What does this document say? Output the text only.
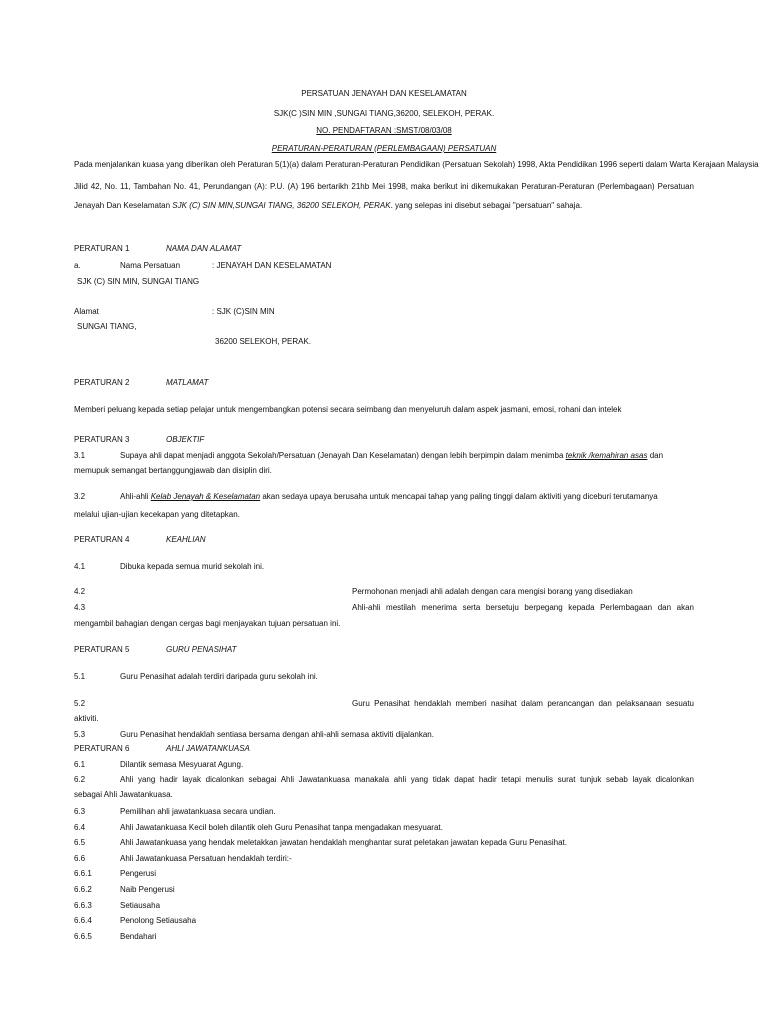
PERSATUAN JENAYAH DAN KESELAMATAN
SJK(C )SIN MIN ,SUNGAI TIANG,36200, SELEKOH, PERAK.
NO. PENDAFTARAN :SMST/08/03/08
PERATURAN-PERATURAN (PERLEMBAGAAN) PERSATUAN
Pada menjalankan kuasa yang diberikan oleh Peraturan 5(1)(a) dalam Peraturan-Peraturan Pendidikan (Persatuan Sekolah) 1998, Akta Pendidikan 1996 seperti dalam Warta Kerajaan Malaysia
Jilid 42, No. 11, Tambahan No. 41, Perundangan (A): P.U. (A) 196 bertarikh 21hb Mei 1998, maka berikut ini dikemukakan Peraturan-Peraturan (Perlembagaan) Persatuan
Jenayah Dan Keselamatan SJK (C) SIN MIN,SUNGAI TIANG, 36200 SELEKOH, PERAK. yang selepas ini disebut sebagai "persatuan" sahaja.
PERATURAN 1	NAMA DAN ALAMAT
a.	Nama Persatuan	: JENAYAH DAN KESELAMATAN
SJK (C) SIN MIN, SUNGAI TIANG
Alamat	: SJK (C)SIN MIN
SUNGAI TIANG,
36200 SELEKOH, PERAK.
PERATURAN 2	MATLAMAT
Memberi peluang kepada setiap pelajar untuk mengembangkan potensi secara seimbang dan menyeluruh dalam aspek jasmani, emosi, rohani dan intelek
PERATURAN 3	OBJEKTIF
3.1	Supaya ahli dapat menjadi anggota Sekolah/Persatuan (Jenayah Dan Keselamatan) dengan lebih berpimpin dalam menimba teknik /kemahiran asas dan
memupuk semangat bertanggungjawab dan disiplin diri.
3.2	Ahli-ahli Kelab Jenayah & Keselamatan akan sedaya upaya berusaha untuk mencapai tahap yang paling tinggi dalam aktiviti yang diceburi terutamanya
melalui ujian-ujian kecekapan yang ditetapkan.
PERATURAN 4	KEAHLIAN
4.1	Dibuka kepada semua murid sekolah ini.
4.2	Permohonan menjadi ahli adalah dengan cara mengisi borang yang disediakan
4.3	Ahli-ahli mestilah menerima serta bersetuju berpegang kepada Perlembagaan dan akan
mengambil bahagian dengan cergas bagi menjayakan tujuan persatuan ini.
PERATURAN 5	GURU PENASIHAT
5.1	Guru Penasihat adalah terdiri daripada guru sekolah ini.
5.2	Guru Penasihat hendaklah memberi nasihat dalam perancangan dan pelaksanaan sesuatu
aktiviti.
5.3	Guru Penasihat hendaklah sentiasa bersama dengan ahli-ahli semasa aktiviti dijalankan.
PERATURAN 6	AHLI JAWATANKUASA
6.1	Dilantik semasa Mesyuarat Agung.
6.2	Ahli yang hadir layak dicalonkan sebagai Ahli Jawatankuasa manakala ahli yang tidak dapat hadir tetapi menulis surat tunjuk sebab layak dicalonkan
sebagai Ahli Jawatankuasa.
6.3	Pemilihan ahli jawatankuasa secara undian.
6.4	Ahli Jawatankuasa Kecil boleh dilantik oleh Guru Penasihat tanpa mengadakan mesyuarat.
6.5	Ahli Jawatankuasa yang hendak meletakkan jawatan hendaklah menghantar surat peletakan jawatan kepada Guru Penasihat.
6.6	Ahli Jawatankuasa Persatuan hendaklah terdiri:-
6.6.1	Pengerusi
6.6.2	Naib Pengerusi
6.6.3	Setiausaha
6.6.4	Penolong Setiausaha
6.6.5	Bendahari
